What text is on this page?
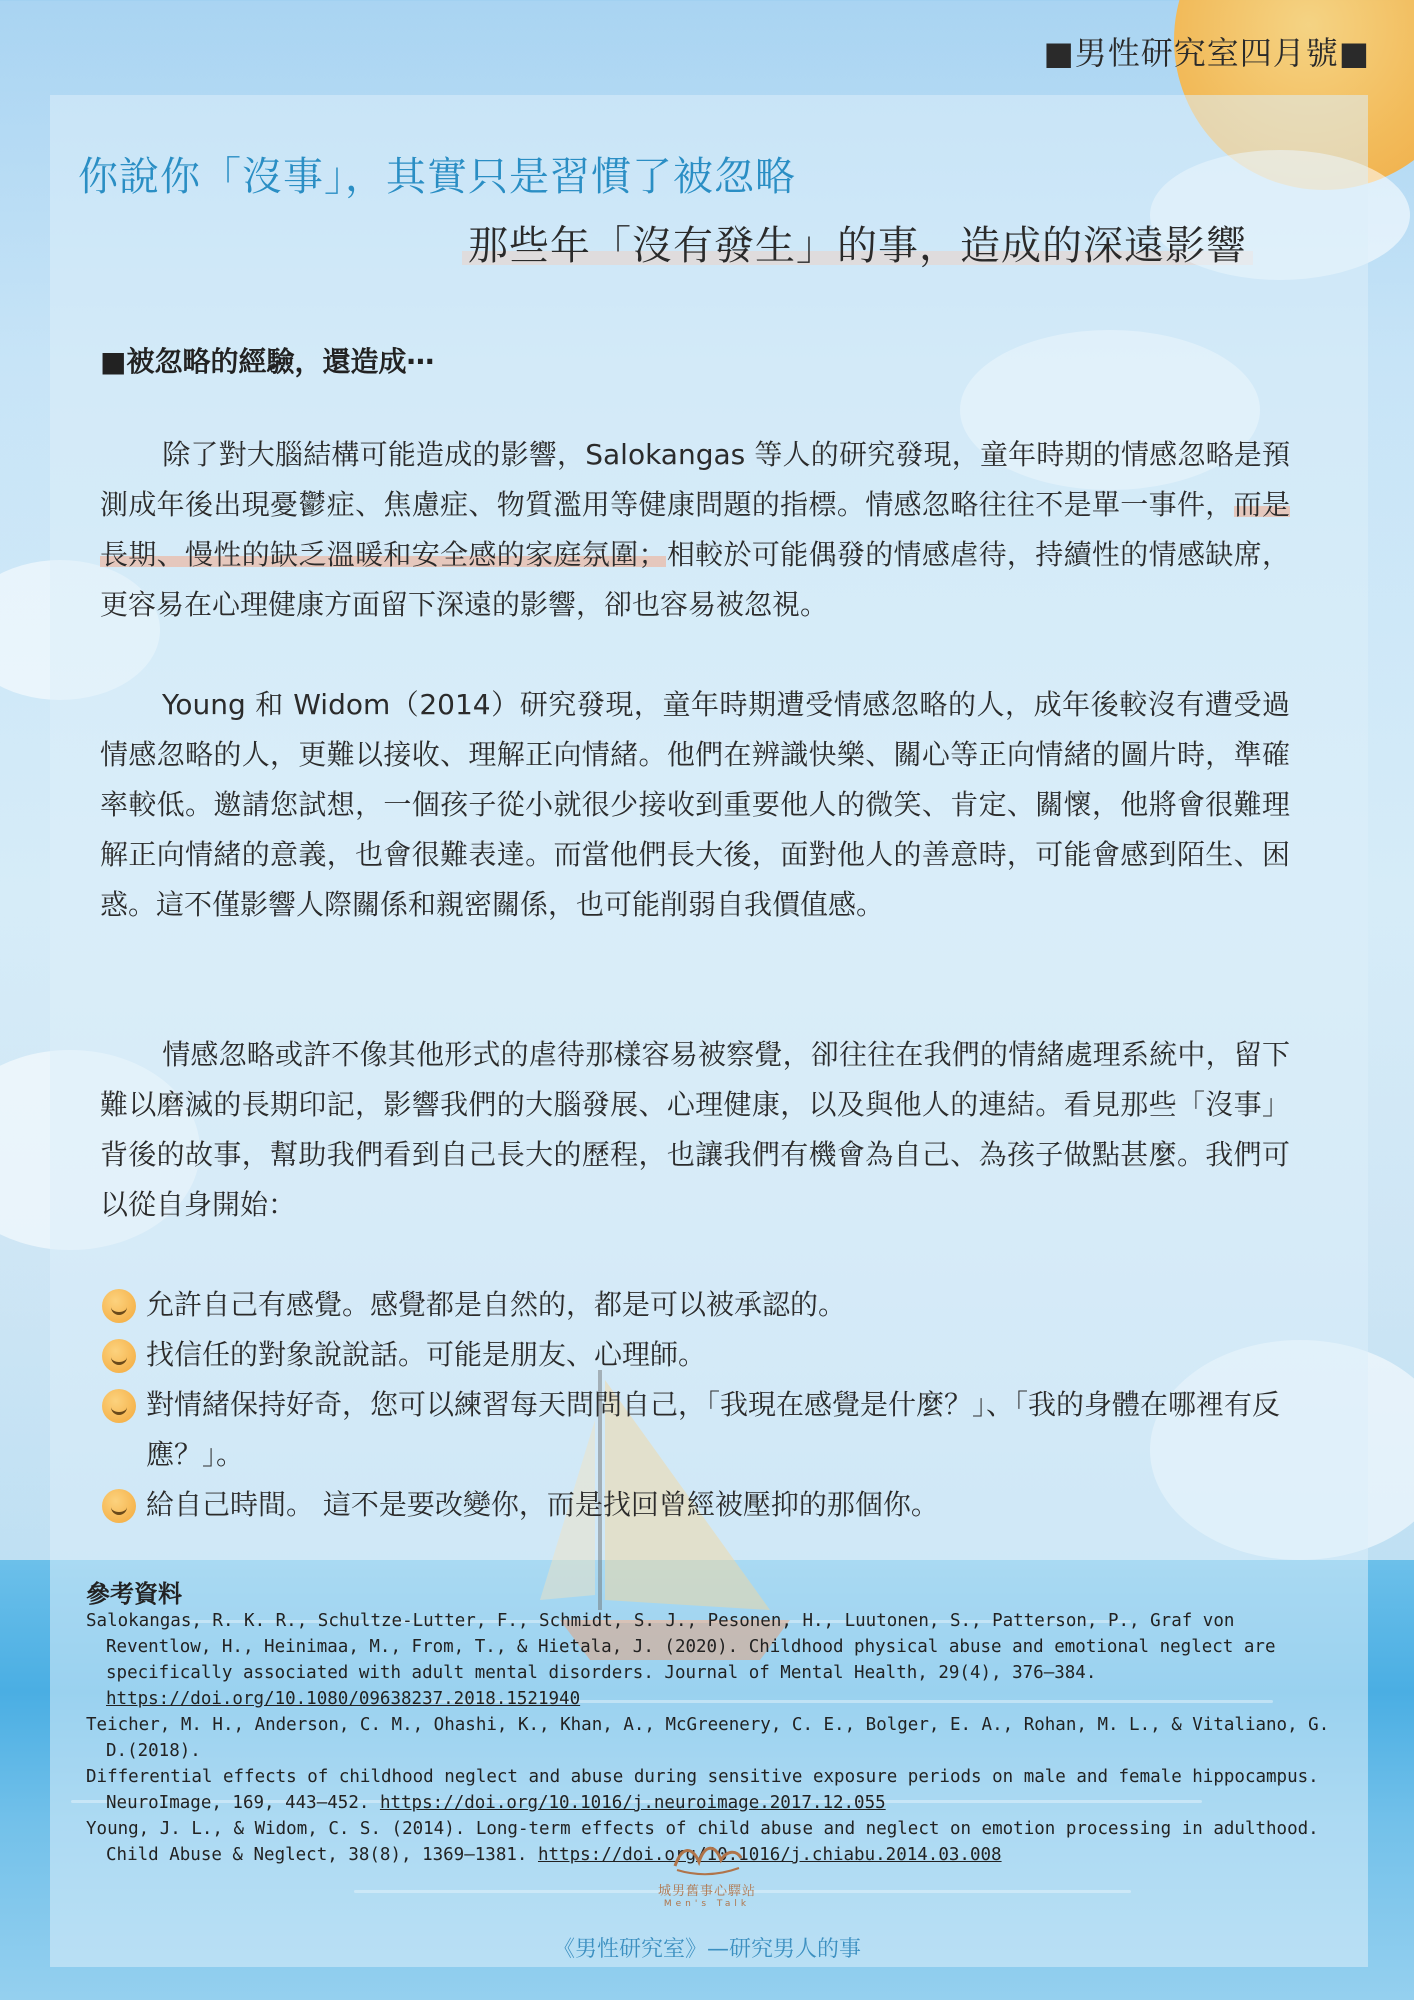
■男性研究室四月號■
你說你「沒事」，其實只是習慣了被忽略
那些年「沒有發生」的事，造成的深遠影響
■被忽略的經驗，還造成⋯
除了對大腦結構可能造成的影響，Salokangas 等人的研究發現，童年時期的情感忽略是預測成年後出現憂鬱症、焦慮症、物質濫用等健康問題的指標。情感忽略往往不是單一事件，而是長期、慢性的缺乏溫暖和安全感的家庭氛圍；相較於可能偶發的情感虐待，持續性的情感缺席，更容易在心理健康方面留下深遠的影響，卻也容易被忽視。
Young 和 Widom（2014）研究發現，童年時期遭受情感忽略的人，成年後較沒有遭受過情感忽略的人，更難以接收、理解正向情緒。他們在辨識快樂、關心等正向情緒的圖片時，準確率較低。邀請您試想，一個孩子從小就很少接收到重要他人的微笑、肯定、關懷，他將會很難理解正向情緒的意義，也會很難表達。而當他們長大後，面對他人的善意時，可能會感到陌生、困惑。這不僅影響人際關係和親密關係，也可能削弱自我價值感。
情感忽略或許不像其他形式的虐待那樣容易被察覺，卻往往在我們的情緒處理系統中，留下難以磨滅的長期印記，影響我們的大腦發展、心理健康，以及與他人的連結。看見那些「沒事」背後的故事，幫助我們看到自己長大的歷程，也讓我們有機會為自己、為孩子做點甚麼。我們可以從自身開始：
允許自己有感覺。感覺都是自然的，都是可以被承認的。
找信任的對象說說話。可能是朋友、心理師。
對情緒保持好奇，您可以練習每天問問自己，「我現在感覺是什麼？」、「我的身體在哪裡有反應？」。
給自己時間。 這不是要改變你，而是找回曾經被壓抑的那個你。
參考資料
Salokangas, R. K. R., Schultze-Lutter, F., Schmidt, S. J., Pesonen, H., Luutonen, S., Patterson, P., Graf von Reventlow, H., Heinimaa, M., From, T., & Hietala, J. (2020). Childhood physical abuse and emotional neglect are specifically associated with adult mental disorders. Journal of Mental Health, 29(4), 376–384. https://doi.org/10.1080/09638237.2018.1521940
Teicher, M. H., Anderson, C. M., Ohashi, K., Khan, A., McGreenery, C. E., Bolger, E. A., Rohan, M. L., & Vitaliano, G. D.(2018).
Differential effects of childhood neglect and abuse during sensitive exposure periods on male and female hippocampus. NeuroImage, 169, 443–452. https://doi.org/10.1016/j.neuroimage.2017.12.055
Young, J. L., & Widom, C. S. (2014). Long-term effects of child abuse and neglect on emotion processing in adulthood. Child Abuse & Neglect, 38(8), 1369–1381. https://doi.org/10.1016/j.chiabu.2014.03.008
城男舊事心驛站
Men's Talk
《男性研究室》—研究男人的事
